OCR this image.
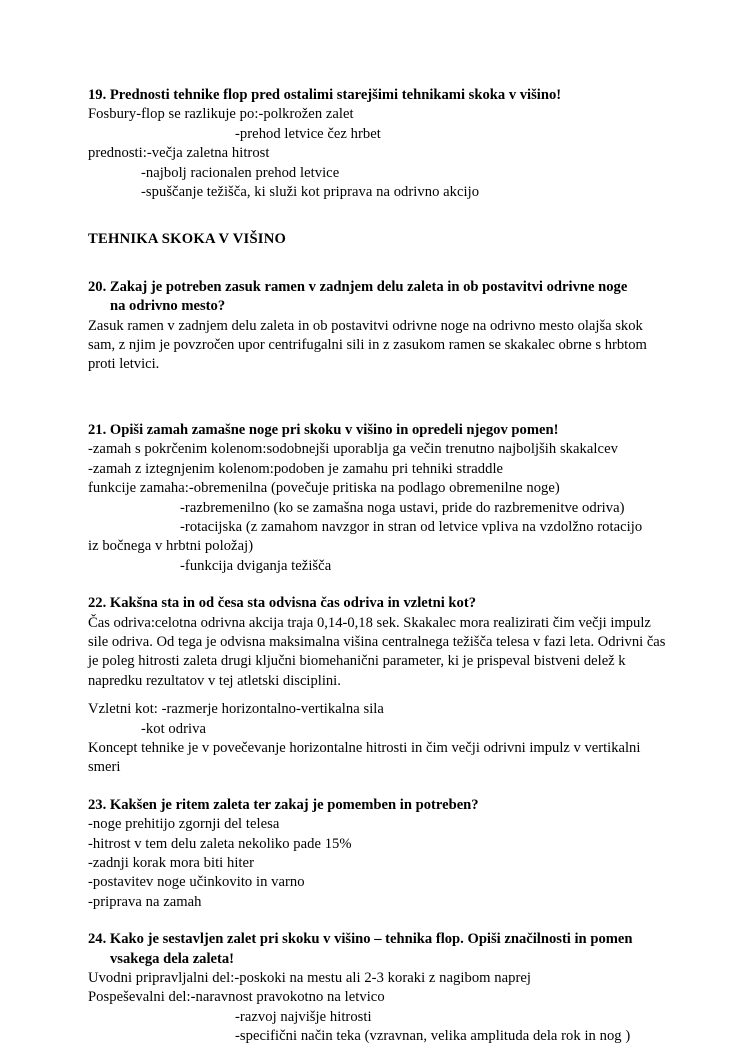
19. Prednosti tehnike flop pred ostalimi starejšimi tehnikami skoka v višino!
Fosbury-flop se razlikuje po:-polkrožen zalet
-prehod letvice čez hrbet
prednosti:-večja zaletna hitrost
-najbolj racionalen prehod letvice
-spuščanje težišča, ki služi kot priprava na odrivno akcijo
TEHNIKA SKOKA V VIŠINO
20. Zakaj je potreben zasuk ramen v zadnjem delu zaleta in ob postavitvi odrivne noge
na odrivno mesto?
Zasuk ramen v zadnjem delu zaleta in ob postavitvi odrivne noge na odrivno mesto olajša skok sam, z njim je povzročen upor centrifugalni sili in z zasukom ramen se skakalec obrne s hrbtom proti letvici.
21. Opiši zamah zamašne noge pri skoku v višino in opredeli njegov pomen!
-zamah s pokrčenim kolenom:sodobnejši uporablja ga večin trenutno najboljših skakalcev
-zamah z iztegnjenim kolenom:podoben je zamahu pri tehniki straddle
funkcije zamaha:-obremenilna (povečuje pritiska na podlago obremenilne noge)
-razbremenilno (ko se zamašna noga ustavi, pride do razbremenitve odriva)
-rotacijska (z zamahom navzgor in stran od letvice vpliva na vzdolžno rotacijo
iz bočnega v hrbtni položaj)
-funkcija dviganja težišča
22. Kakšna sta in od česa sta odvisna čas odriva in vzletni kot?
Čas odriva:celotna odrivna akcija traja 0,14-0,18 sek. Skakalec mora realizirati čim večji impulz sile odriva. Od tega je odvisna maksimalna višina centralnega težišča telesa v fazi leta. Odrivni čas je poleg hitrosti zaleta drugi ključni biomehanični parameter, ki je prispeval bistveni delež k napredku rezultatov v tej atletski disciplini.
Vzletni kot: -razmerje horizontalno-vertikalna sila
-kot odriva
Koncept tehnike je v povečevanje horizontalne hitrosti in čim večji odrivni impulz v vertikalni smeri
23. Kakšen je ritem zaleta ter zakaj je pomemben in potreben?
-noge prehitijo zgornji del telesa
-hitrost v tem delu zaleta nekoliko pade 15%
-zadnji korak mora biti hiter
-postavitev noge učinkovito in varno
-priprava na zamah
24. Kako je sestavljen zalet pri skoku v višino – tehnika flop. Opiši značilnosti in pomen
vsakega dela zaleta!
Uvodni pripravljalni del:-poskoki na mestu ali 2-3 koraki z nagibom naprej
Pospeševalni del:-naravnost pravokotno na letvico
-razvoj najvišje hitrosti
-specifični način teka (vzravnan, velika amplituda dela rok in nog )
